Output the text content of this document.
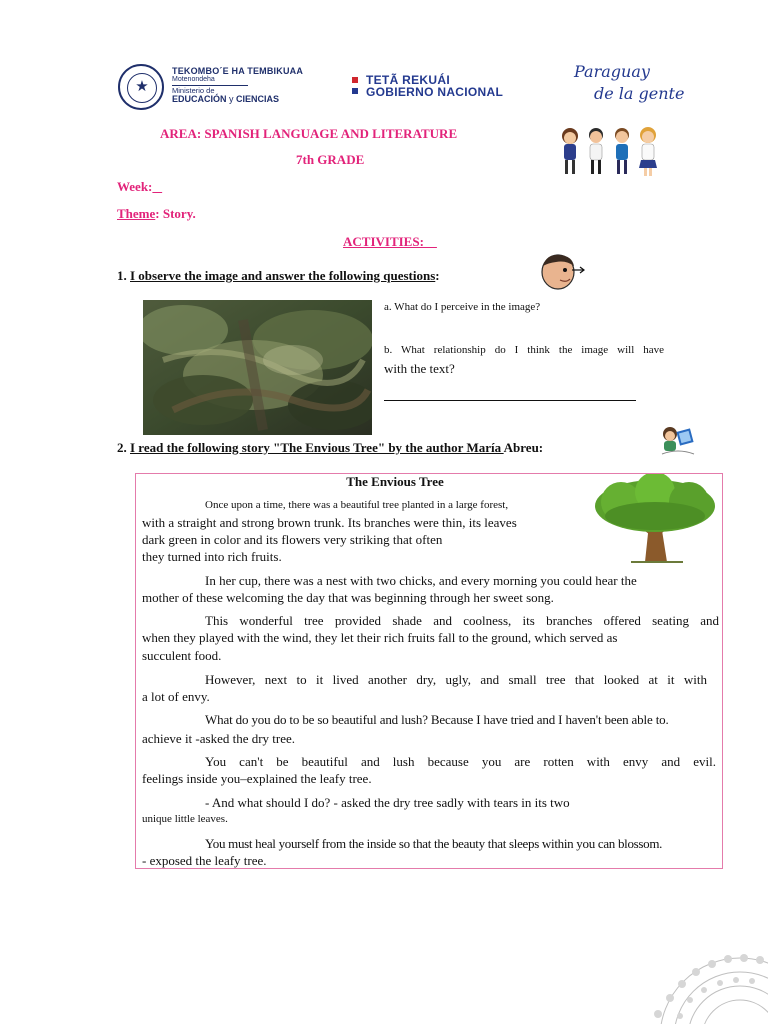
★
TEKOMBO´E HA TEMBIKUAA
Motenondeha
Ministerio de
EDUCACIÓN y CIENCIAS
TETÃ REKUÁI
GOBIERNO NACIONAL
Paraguay
de la gente
AREA: SPANISH LANGUAGE AND LITERATURE
7th GRADE
Week:
Theme: Story.
ACTIVITIES:
1. I observe the image and answer the following questions:
a. What do I perceive in the image?
b. What relationship do I think the image will have
with the text?
2. I read the following story "The Envious Tree" by the author María Abreu:
The Envious Tree
Once upon a time, there was a beautiful tree planted in a large forest,
with a straight and strong brown trunk. Its branches were thin, its leaves
dark green in color and its flowers very striking that often
they turned into rich fruits.
In her cup, there was a nest with two chicks, and every morning you could hear the
mother of these welcoming the day that was beginning through her sweet song.
This wonderful tree provided shade and coolness, its branches offered seating and
when they played with the wind, they let their rich fruits fall to the ground, which served as
succulent food.
However, next to it lived another dry, ugly, and small tree that looked at it with
a lot of envy.
What do you do to be so beautiful and lush? Because I have tried and I haven't been able to.
achieve it -asked the dry tree.
You can't be beautiful and lush because you are rotten with envy and evil.
feelings inside you–explained the leafy tree.
- And what should I do? - asked the dry tree sadly with tears in its two
unique little leaves.
You must heal yourself from the inside so that the beauty that sleeps within you can blossom.
- exposed the leafy tree.
